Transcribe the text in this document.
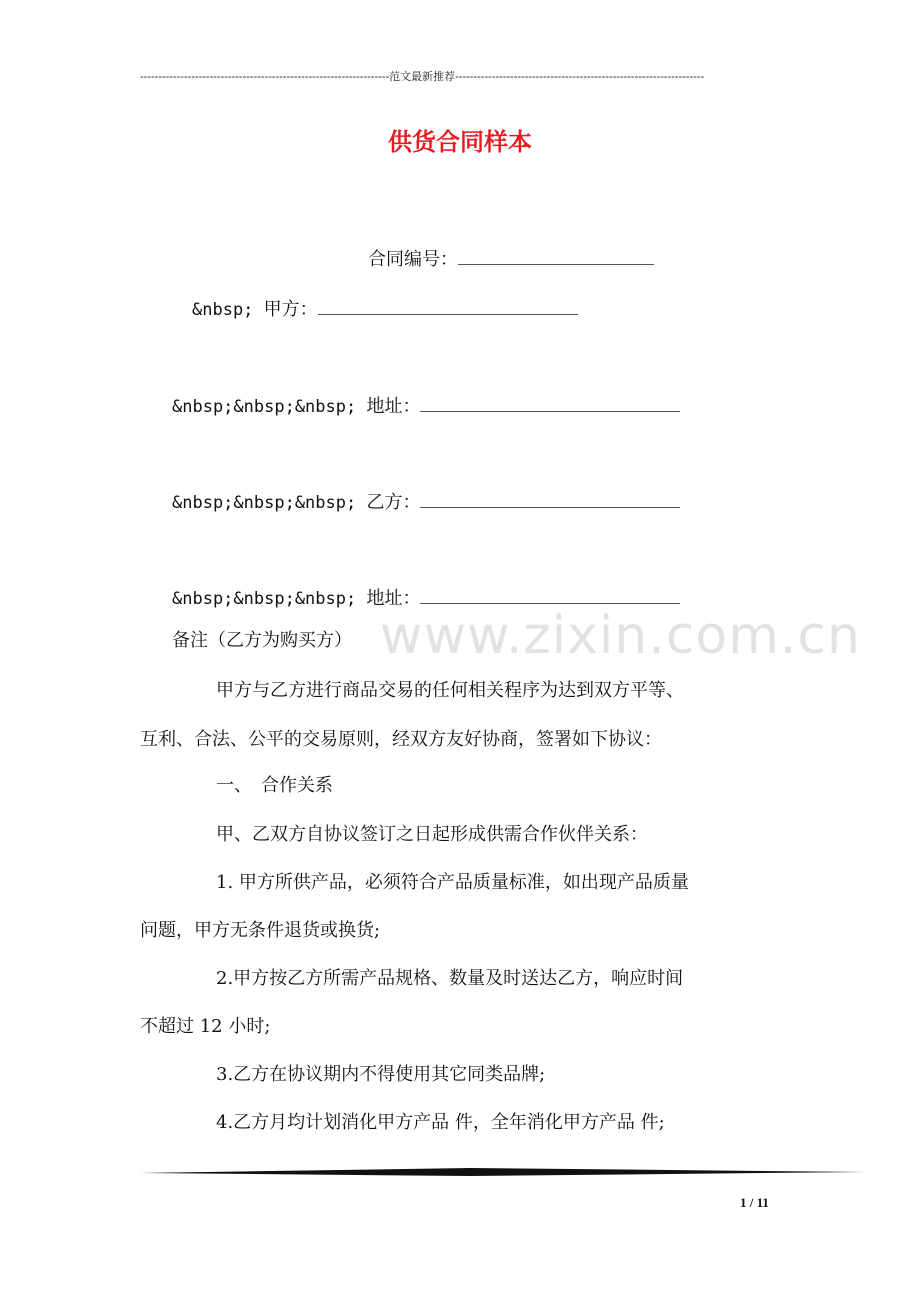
--------------------------------------------------------------------范文最新推荐--------------------------------------------------------------------
供货合同样本
www.zixin.com.cn
合同编号：
&nbsp; 甲方：
&nbsp;&nbsp;&nbsp; 地址：
&nbsp;&nbsp;&nbsp; 乙方：
&nbsp;&nbsp;&nbsp; 地址：
备注（乙方为购买方）
甲方与乙方进行商品交易的任何相关程序为达到双方平等、
互利、合法、公平的交易原则，经双方友好协商，签署如下协议：
一、　合作关系
甲、乙双方自协议签订之日起形成供需合作伙伴关系：
1. 甲方所供产品，必须符合产品质量标准，如出现产品质量
问题，甲方无条件退货或换货;
2.甲方按乙方所需产品规格、数量及时送达乙方，响应时间
不超过 12 小时;
3.乙方在协议期内不得使用其它同类品牌;
4.乙方月均计划消化甲方产品 件，全年消化甲方产品 件;
1 / 11
